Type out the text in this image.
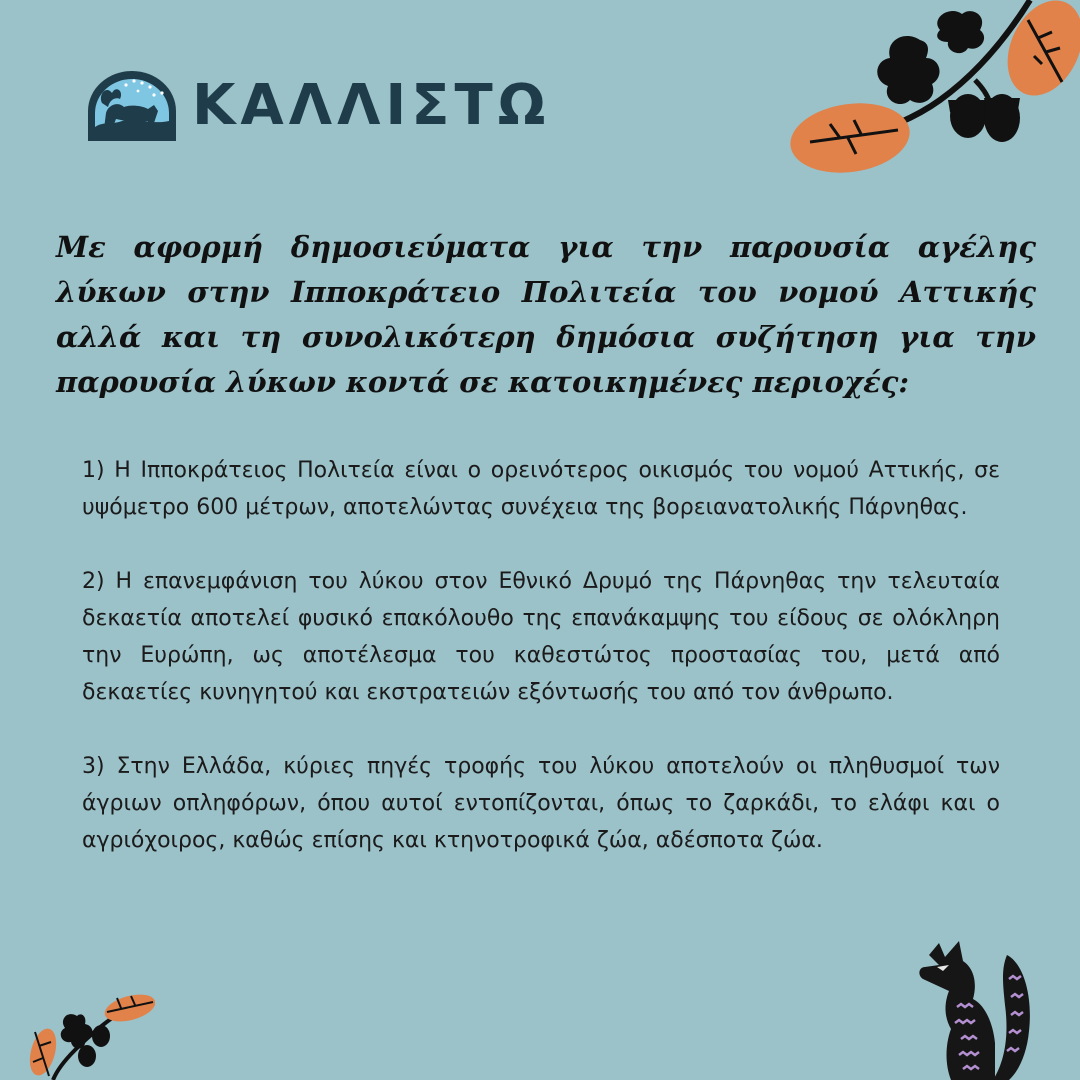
ΚΑΛΛΙΣΤΩ

Με αφορμή δημοσιεύματα για την παρουσία αγέλης λύκων στην Ιπποκράτειο Πολιτεία του νομού Αττικής αλλά και τη συνολικότερη δημόσια συζήτηση για την παρουσία λύκων κοντά σε κατοικημένες περιοχές:

1) Η Ιπποκράτειος Πολιτεία είναι ο ορεινότερος οικισμός του νομού Αττικής, σε υψόμετρο 600 μέτρων, αποτελώντας συνέχεια της βορειανατολικής Πάρνηθας.

2) Η επανεμφάνιση του λύκου στον Εθνικό Δρυμό της Πάρνηθας την τελευταία δεκαετία αποτελεί φυσικό επακόλουθο της επανάκαμψης του είδους σε ολόκληρη την Ευρώπη, ως αποτέλεσμα του καθεστώτος προστασίας του, μετά από δεκαετίες κυνηγητού και εκστρατειών εξόντωσής του από τον άνθρωπο.

3) Στην Ελλάδα, κύριες πηγές τροφής του λύκου αποτελούν οι πληθυσμοί των άγριων οπληφόρων, όπου αυτοί εντοπίζονται, όπως το ζαρκάδι, το ελάφι και ο αγριόχοιρος, καθώς επίσης και κτηνοτροφικά ζώα, αδέσποτα ζώα.
